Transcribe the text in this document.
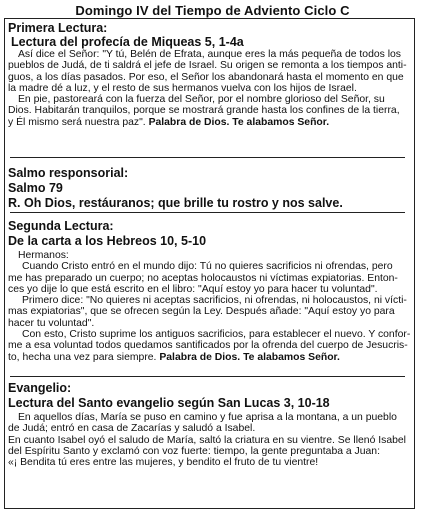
Domingo IV del Tiempo de Adviento Ciclo C
Primera Lectura:
Lectura del profecía de Miqueas 5, 1-4a
Así dice el Señor: "Y tú, Belén de Efrata, aunque eres la más pequeña de todos los
pueblos de Judá, de ti saldrá el jefe de Israel. Su origen se remonta a los tiempos anti-
guos, a los días pasados. Por eso, el Señor los abandonará hasta el momento en que
la madre dé a luz, y el resto de sus hermanos vuelva con los hijos de Israel.
En pie, pastoreará con la fuerza del Señor, por el nombre glorioso del Señor, su
Dios. Habitarán tranquilos, porque se mostrará grande hasta los confines de la tierra,
y Él mismo será nuestra paz". Palabra de Dios. Te alabamos Señor.
Salmo responsorial:
Salmo 79
R. Oh Dios, restáuranos; que brille tu rostro y nos salve.
Segunda Lectura:
De la carta a los Hebreos 10, 5-10
Hermanos:
Cuando Cristo entró en el mundo dijo: Tú no quieres sacrificios ni ofrendas, pero
me has preparado un cuerpo; no aceptas holocaustos ni víctimas expiatorias. Enton-
ces yo dije lo que está escrito en el libro: "Aquí estoy yo para hacer tu voluntad".
Primero dice: "No quieres ni aceptas sacrificios, ni ofrendas, ni holocaustos, ni vícti-
mas expiatorias", que se ofrecen según la Ley. Después añade: "Aquí estoy yo para
hacer tu voluntad".
Con esto, Cristo suprime los antiguos sacrificios, para establecer el nuevo. Y confor-
me a esa voluntad todos quedamos santificados por la ofrenda del cuerpo de Jesucris-
to, hecha una vez para siempre. Palabra de Dios. Te alabamos Señor.
Evangelio:
Lectura del Santo evangelio según San Lucas 3, 10-18
En aquellos días, María se puso en camino y fue aprisa a la montana, a un pueblo
de Judá; entró en casa de Zacarías y saludó a Isabel.
En cuanto Isabel oyó el saludo de María, saltó la criatura en su vientre. Se llenó Isabel
del Espíritu Santo y exclamó con voz fuerte: tiempo, la gente preguntaba a Juan:
«¡ Bendita tú eres entre las mujeres, y bendito el fruto de tu vientre!
